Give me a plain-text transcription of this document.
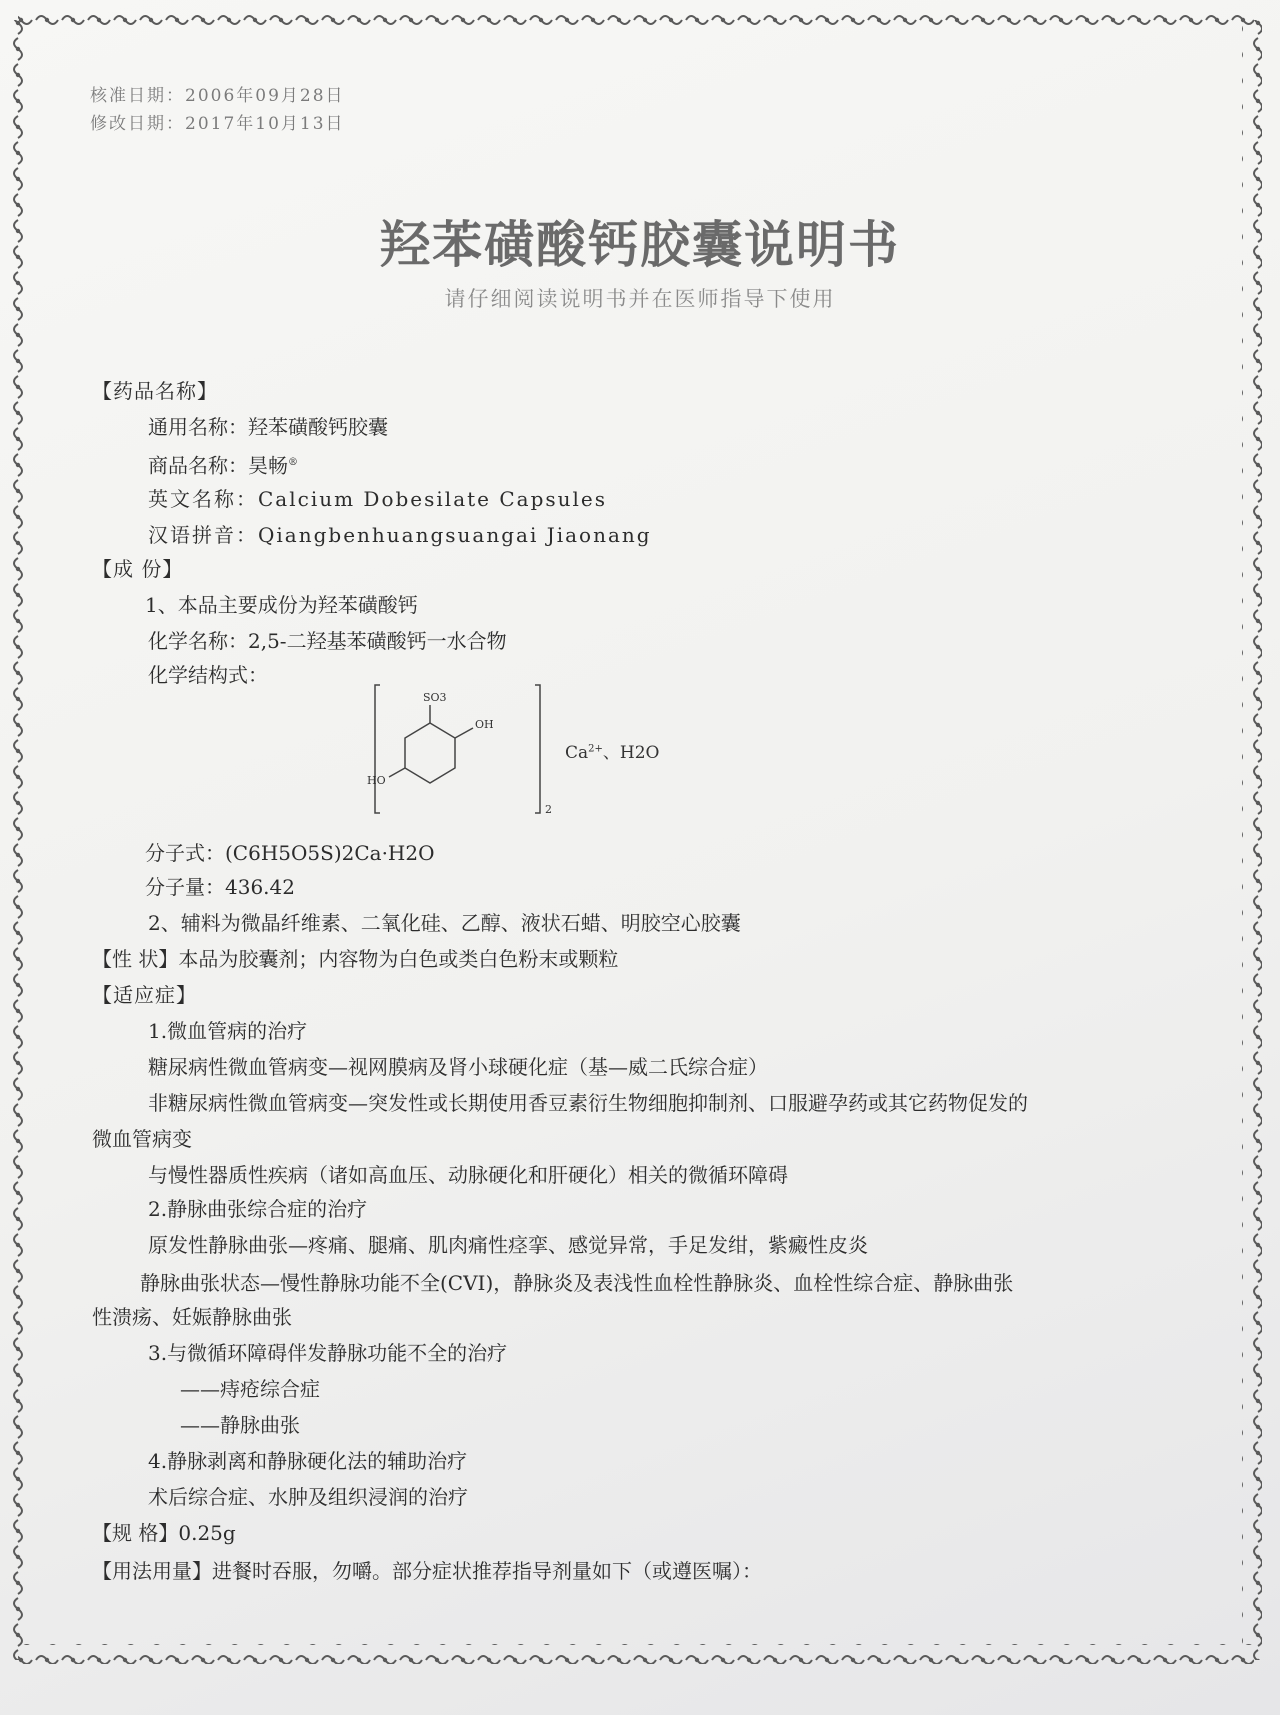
核准日期：2006年09月28日
修改日期：2017年10月13日
羟苯磺酸钙胶囊说明书
请仔细阅读说明书并在医师指导下使用
【药品名称】
通用名称：羟苯磺酸钙胶囊
商品名称：昊畅®
英文名称：Calcium Dobesilate Capsules
汉语拼音：Qiangbenhuangsuangai Jiaonang
【成 份】
1、本品主要成份为羟苯磺酸钙
化学名称：2,5-二羟基苯磺酸钙一水合物
化学结构式：
SO3
OH
HO
2
$Ca^{2+}$、H2O
分子式：(C6H5O5S)2Ca·H2O
分子量：436.42
2、辅料为微晶纤维素、二氧化硅、乙醇、液状石蜡、明胶空心胶囊
【性 状】本品为胶囊剂；内容物为白色或类白色粉末或颗粒
【适应症】
1.微血管病的治疗
糖尿病性微血管病变—视网膜病及肾小球硬化症（基—威二氏综合症）
非糖尿病性微血管病变—突发性或长期使用香豆素衍生物细胞抑制剂、口服避孕药或其它药物促发的
微血管病变
与慢性器质性疾病（诸如高血压、动脉硬化和肝硬化）相关的微循环障碍
2.静脉曲张综合症的治疗
原发性静脉曲张—疼痛、腿痛、肌肉痛性痉挛、感觉异常，手足发绀，紫癜性皮炎
静脉曲张状态—慢性静脉功能不全(CVI)，静脉炎及表浅性血栓性静脉炎、血栓性综合症、静脉曲张
性溃疡、妊娠静脉曲张
3.与微循环障碍伴发静脉功能不全的治疗
——痔疮综合症
——静脉曲张
4.静脉剥离和静脉硬化法的辅助治疗
术后综合症、水肿及组织浸润的治疗
【规 格】0.25g
【用法用量】进餐时吞服，勿嚼。部分症状推荐指导剂量如下（或遵医嘱）：
